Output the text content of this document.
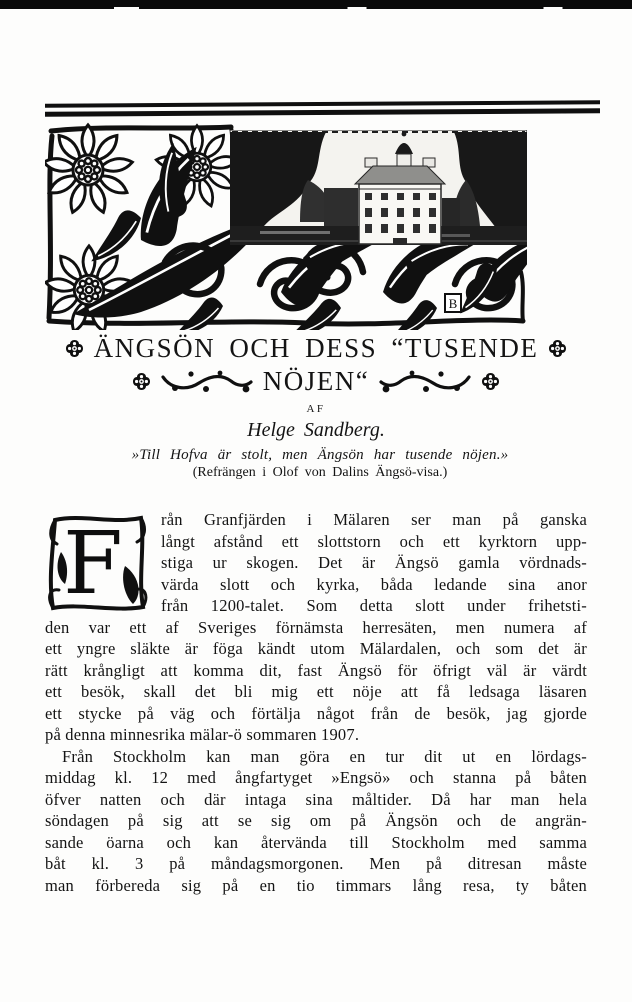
B
ÄNGSÖN OCH DESS “TUSENDE
NÖJEN“
AF
Helge Sandberg.
»Till Hofva är stolt, men Ängsön har tusende nöjen.»
(Refrängen i Olof von Dalins Ängsö-visa.)
F rån Granfjärden i Mälaren ser man på ganska
långt afstånd ett slottstorn och ett kyrktorn upp-
stiga ur skogen. Det är Ängsö gamla vördnads-
värda slott och kyrka, båda ledande sina anor
från 1200-talet. Som detta slott under frihetsti-
den var ett af Sveriges förnämsta herresäten, men numera af
ett yngre släkte är föga kändt utom Mälardalen, och som det är
rätt krångligt att komma dit, fast Ängsö för öfrigt väl är värdt
ett besök, skall det bli mig ett nöje att få ledsaga läsaren
ett stycke på väg och förtälja något från de besök, jag gjorde
på denna minnesrika mälar-ö sommaren 1907.
Från Stockholm kan man göra en tur dit ut en lördags-
middag kl. 12 med ångfartyget »Engsö» och stanna på båten
öfver natten och där intaga sina måltider. Då har man hela
söndagen på sig att se sig om på Ängsön och de angrän-
sande öarna och kan återvända till Stockholm med samma
båt kl. 3 på måndagsmorgonen. Men på ditresan måste
man förbereda sig på en tio timmars lång resa, ty båten
